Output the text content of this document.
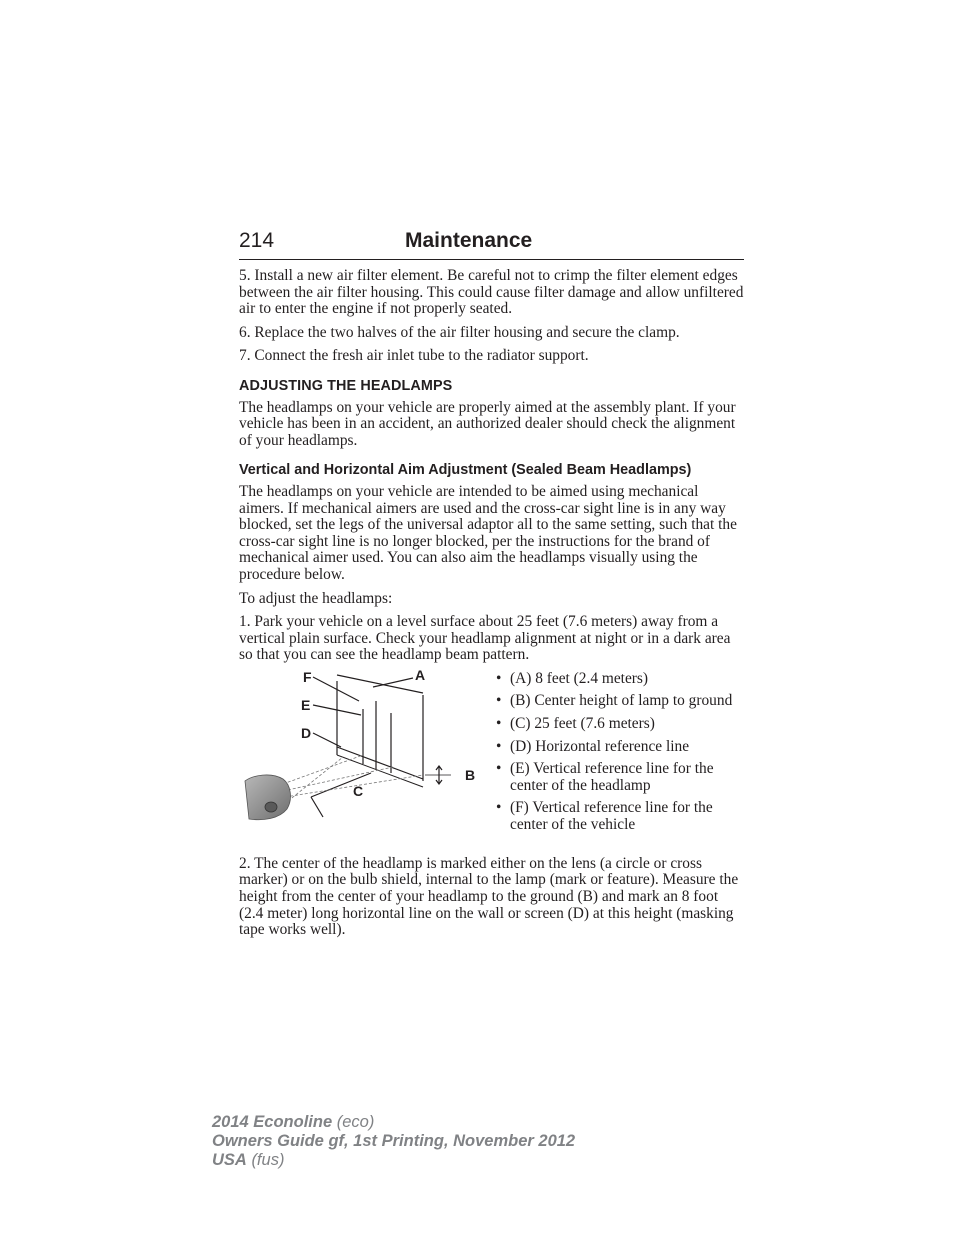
214	Maintenance

5. Install a new air filter element. Be careful not to crimp the filter element edges between the air filter housing. This could cause filter damage and allow unfiltered air to enter the engine if not properly seated.

6. Replace the two halves of the air filter housing and secure the clamp.

7. Connect the fresh air inlet tube to the radiator support.

ADJUSTING THE HEADLAMPS

The headlamps on your vehicle are properly aimed at the assembly plant. If your vehicle has been in an accident, an authorized dealer should check the alignment of your headlamps.

Vertical and Horizontal Aim Adjustment (Sealed Beam Headlamps)

The headlamps on your vehicle are intended to be aimed using mechanical aimers. If mechanical aimers are used and the cross-car sight line is in any way blocked, set the legs of the universal adaptor all to the same setting, such that the cross-car sight line is no longer blocked, per the instructions for the brand of mechanical aimer used. You can also aim the headlamps visually using the procedure below.

To adjust the headlamps:

1. Park your vehicle on a level surface about 25 feet (7.6 meters) away from a vertical plain surface. Check your headlamp alignment at night or in a dark area so that you can see the headlamp beam pattern.

F
E
D
A
B
C
• (A) 8 feet (2.4 meters)
• (B) Center height of lamp to ground
• (C) 25 feet (7.6 meters)
• (D) Horizontal reference line
• (E) Vertical reference line for the center of the headlamp
• (F) Vertical reference line for the center of the vehicle

2. The center of the headlamp is marked either on the lens (a circle or cross marker) or on the bulb shield, internal to the lamp (mark or feature). Measure the height from the center of your headlamp to the ground (B) and mark an 8 foot (2.4 meter) long horizontal line on the wall or screen (D) at this height (masking tape works well).

2014 Econoline (eco)
Owners Guide gf, 1st Printing, November 2012
USA (fus)
